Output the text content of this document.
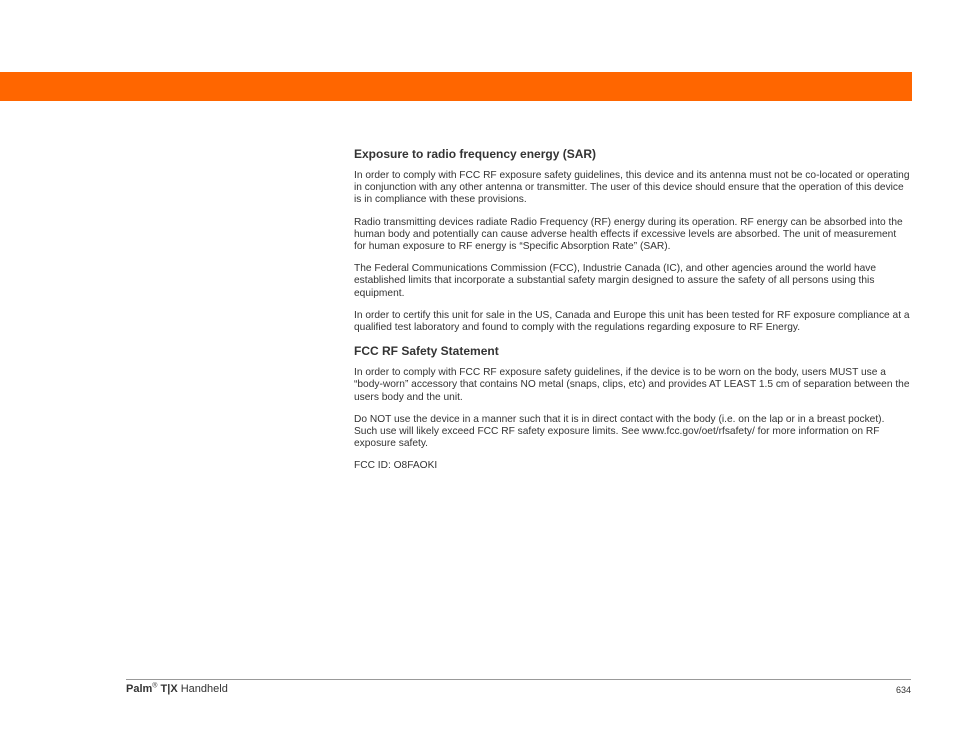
Exposure to radio frequency energy (SAR)

In order to comply with FCC RF exposure safety guidelines, this device and its antenna must not be co-located or operating in conjunction with any other antenna or transmitter. The user of this device should ensure that the operation of this device is in compliance with these provisions.

Radio transmitting devices radiate Radio Frequency (RF) energy during its operation. RF energy can be absorbed into the human body and potentially can cause adverse health effects if excessive levels are absorbed. The unit of measurement for human exposure to RF energy is “Specific Absorption Rate” (SAR).

The Federal Communications Commission (FCC), Industrie Canada (IC), and other agencies around the world have established limits that incorporate a substantial safety margin designed to assure the safety of all persons using this equipment.

In order to certify this unit for sale in the US, Canada and Europe this unit has been tested for RF exposure compliance at a qualified test laboratory and found to comply with the regulations regarding exposure to RF Energy.

FCC RF Safety Statement

In order to comply with FCC RF exposure safety guidelines, if the device is to be worn on the body, users MUST use a “body-worn” accessory that contains NO metal (snaps, clips, etc) and provides AT LEAST 1.5 cm of separation between the users body and the unit.

Do NOT use the device in a manner such that it is in direct contact with the body (i.e. on the lap or in a breast pocket). Such use will likely exceed FCC RF safety exposure limits. See www.fcc.gov/oet/rfsafety/ for more information on RF exposure safety.

FCC ID: O8FAOKI

Palm® T|X Handheld	634
